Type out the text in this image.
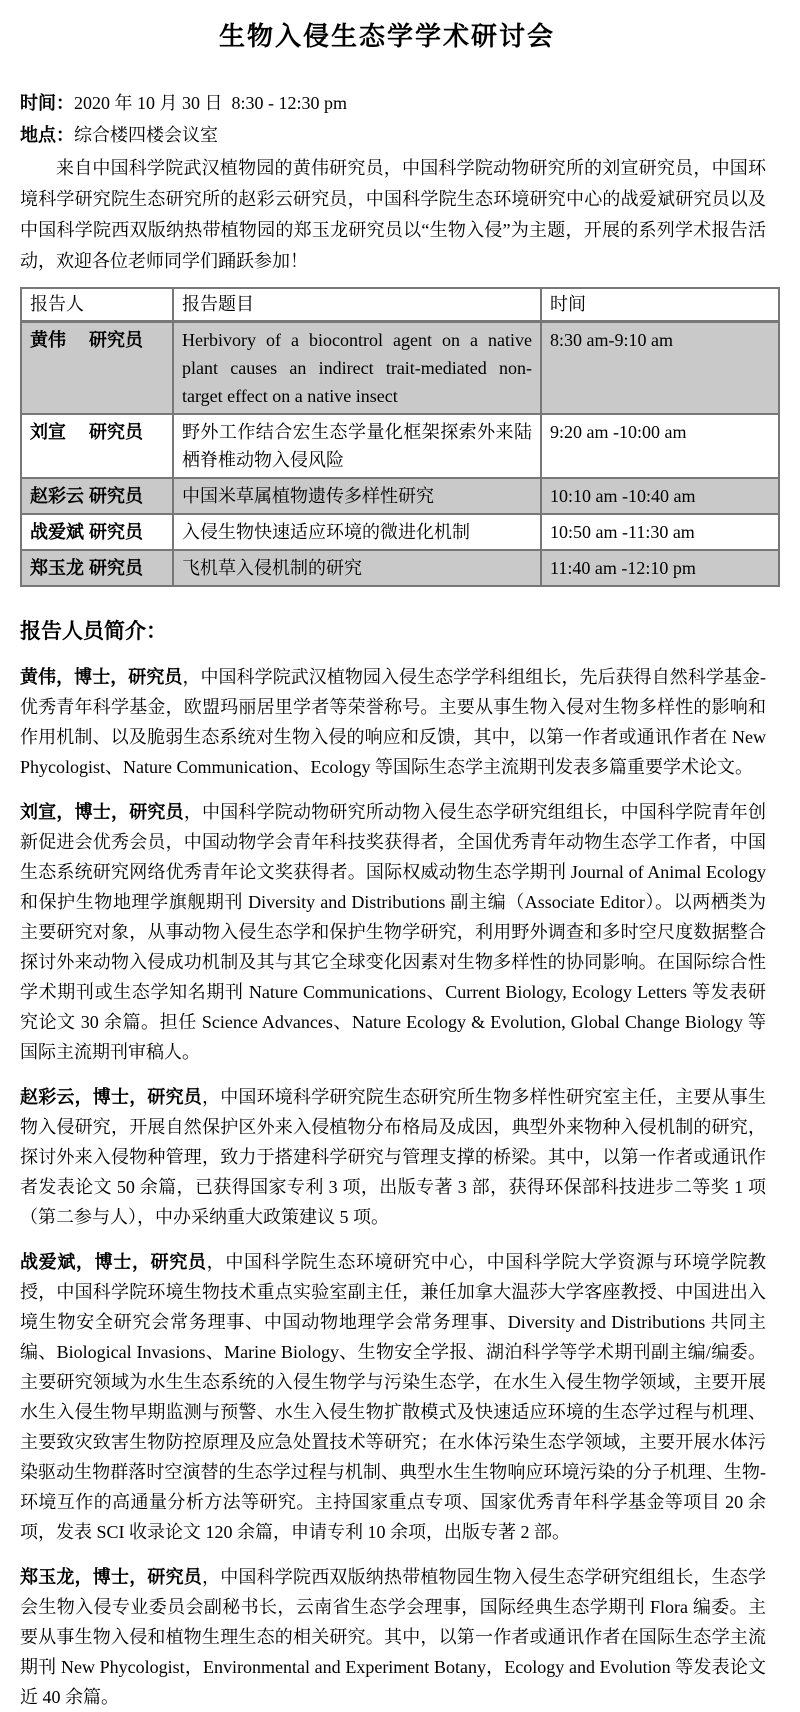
生物入侵生态学学术研讨会

时间：2020 年 10 月 30 日  8:30 - 12:30 pm

地点：综合楼四楼会议室

来自中国科学院武汉植物园的黄伟研究员，中国科学院动物研究所的刘宣研究员，中国环境科学研究院生态研究所的赵彩云研究员，中国科学院生态环境研究中心的战爱斌研究员以及中国科学院西双版纳热带植物园的郑玉龙研究员以“生物入侵”为主题，开展的系列学术报告活动，欢迎各位老师同学们踊跃参加！

报告人	报告题目	时间
黄伟　 研究员	Herbivory of a biocontrol agent on a native plant causes an indirect trait-mediated non-target effect on a native insect	8:30 am-9:10 am
刘宣　 研究员	野外工作结合宏生态学量化框架探索外来陆栖脊椎动物入侵风险	9:20 am -10:00 am
赵彩云 研究员	中国米草属植物遗传多样性研究	10:10 am -10:40 am
战爱斌 研究员	入侵生物快速适应环境的微进化机制	10:50 am -11:30 am
郑玉龙 研究员	飞机草入侵机制的研究	11:40 am -12:10 pm
报告人员简介：

黄伟，博士，研究员，中国科学院武汉植物园入侵生态学学科组组长，先后获得自然科学基金-优秀青年科学基金，欧盟玛丽居里学者等荣誉称号。主要从事生物入侵对生物多样性的影响和作用机制、以及脆弱生态系统对生物入侵的响应和反馈，其中，以第一作者或通讯作者在 New Phycologist、Nature Communication、Ecology 等国际生态学主流期刊发表多篇重要学术论文。

刘宣，博士，研究员，中国科学院动物研究所动物入侵生态学研究组组长，中国科学院青年创新促进会优秀会员，中国动物学会青年科技奖获得者，全国优秀青年动物生态学工作者，中国生态系统研究网络优秀青年论文奖获得者。国际权威动物生态学期刊 Journal of Animal Ecology 和保护生物地理学旗舰期刊 Diversity and Distributions 副主编（Associate Editor）。以两栖类为主要研究对象，从事动物入侵生态学和保护生物学研究，利用野外调查和多时空尺度数据整合探讨外来动物入侵成功机制及其与其它全球变化因素对生物多样性的协同影响。在国际综合性学术期刊或生态学知名期刊 Nature Communications、Current Biology, Ecology Letters 等发表研究论文 30 余篇。担任 Science Advances、Nature Ecology & Evolution, Global Change Biology 等国际主流期刊审稿人。

赵彩云，博士，研究员，中国环境科学研究院生态研究所生物多样性研究室主任，主要从事生物入侵研究，开展自然保护区外来入侵植物分布格局及成因，典型外来物种入侵机制的研究，探讨外来入侵物种管理，致力于搭建科学研究与管理支撑的桥梁。其中，以第一作者或通讯作者发表论文 50 余篇，已获得国家专利 3 项，出版专著 3 部，获得环保部科技进步二等奖 1 项（第二参与人），中办采纳重大政策建议 5 项。

战爱斌，博士，研究员，中国科学院生态环境研究中心，中国科学院大学资源与环境学院教授，中国科学院环境生物技术重点实验室副主任，兼任加拿大温莎大学客座教授、中国进出入境生物安全研究会常务理事、中国动物地理学会常务理事、Diversity and Distributions 共同主编、Biological Invasions、Marine Biology、生物安全学报、湖泊科学等学术期刊副主编/编委。主要研究领域为水生生态系统的入侵生物学与污染生态学，在水生入侵生物学领域，主要开展水生入侵生物早期监测与预警、水生入侵生物扩散模式及快速适应环境的生态学过程与机理、主要致灾致害生物防控原理及应急处置技术等研究；在水体污染生态学领域，主要开展水体污染驱动生物群落时空演替的生态学过程与机制、典型水生生物响应环境污染的分子机理、生物-环境互作的高通量分析方法等研究。主持国家重点专项、国家优秀青年科学基金等项目 20 余项，发表 SCI 收录论文 120 余篇，申请专利 10 余项，出版专著 2 部。

郑玉龙，博士，研究员，中国科学院西双版纳热带植物园生物入侵生态学研究组组长，生态学会生物入侵专业委员会副秘书长，云南省生态学会理事，国际经典生态学期刊 Flora 编委。主要从事生物入侵和植物生理生态的相关研究。其中，以第一作者或通讯作者在国际生态学主流期刊 New Phycologist，Environmental and Experiment Botany，Ecology and Evolution 等发表论文近 40 余篇。
